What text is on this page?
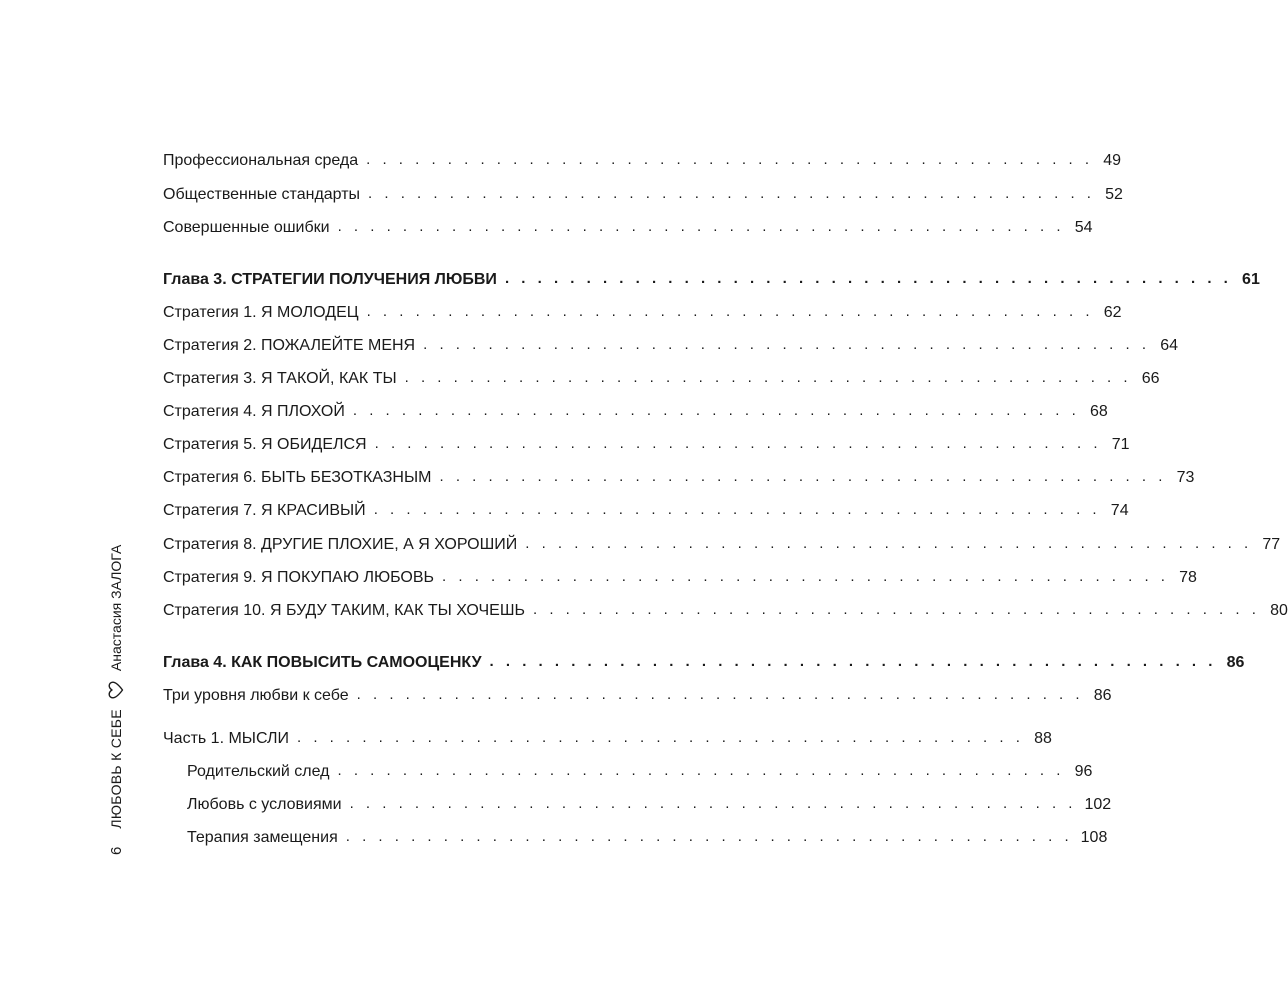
Профессиональная среда . . . . . . . . . . . . . . . . . . . . . . . . . . . . . . . . . . . . . . . . . . . . . 49
Общественные стандарты . . . . . . . . . . . . . . . . . . . . . . . . . . . . . . . . . . . . . . . . . . . . . 52
Совершенные ошибки . . . . . . . . . . . . . . . . . . . . . . . . . . . . . . . . . . . . . . . . . . . . . 54
Глава 3. СТРАТЕГИИ ПОЛУЧЕНИЯ ЛЮБВИ . . . . . . . . . . . . . . . . . . . . . . . . . . . . . . . . . . . . . . . . . . . . . 61
Стратегия 1. Я МОЛОДЕЦ . . . . . . . . . . . . . . . . . . . . . . . . . . . . . . . . . . . . . . . . . . . . . 62
Стратегия 2. ПОЖАЛЕЙТЕ МЕНЯ . . . . . . . . . . . . . . . . . . . . . . . . . . . . . . . . . . . . . . . . . . . . . 64
Стратегия 3. Я ТАКОЙ, КАК ТЫ . . . . . . . . . . . . . . . . . . . . . . . . . . . . . . . . . . . . . . . . . . . . . 66
Стратегия 4. Я ПЛОХОЙ . . . . . . . . . . . . . . . . . . . . . . . . . . . . . . . . . . . . . . . . . . . . . 68
Стратегия 5. Я ОБИДЕЛСЯ . . . . . . . . . . . . . . . . . . . . . . . . . . . . . . . . . . . . . . . . . . . . . 71
Стратегия 6. БЫТЬ БЕЗОТКАЗНЫМ . . . . . . . . . . . . . . . . . . . . . . . . . . . . . . . . . . . . . . . . . . . . . 73
Стратегия 7. Я КРАСИВЫЙ . . . . . . . . . . . . . . . . . . . . . . . . . . . . . . . . . . . . . . . . . . . . . 74
Стратегия 8. ДРУГИЕ ПЛОХИЕ, А Я ХОРОШИЙ . . . . . . . . . . . . . . . . . . . . . . . . . . . . . . . . . . . . . . . . . . . . . 77
Стратегия 9. Я ПОКУПАЮ ЛЮБОВЬ . . . . . . . . . . . . . . . . . . . . . . . . . . . . . . . . . . . . . . . . . . . . . 78
Стратегия 10. Я БУДУ ТАКИМ, КАК ТЫ ХОЧЕШЬ . . . . . . . . . . . . . . . . . . . . . . . . . . . . . . . . . . . . . . . . . . . . . 80
Глава 4. КАК ПОВЫСИТЬ САМООЦЕНКУ . . . . . . . . . . . . . . . . . . . . . . . . . . . . . . . . . . . . . . . . . . . . . 86
Три уровня любви к себе . . . . . . . . . . . . . . . . . . . . . . . . . . . . . . . . . . . . . . . . . . . . . 86
Часть 1. МЫСЛИ . . . . . . . . . . . . . . . . . . . . . . . . . . . . . . . . . . . . . . . . . . . . . 88
Родительский след . . . . . . . . . . . . . . . . . . . . . . . . . . . . . . . . . . . . . . . . . . . . . 96
Любовь с условиями . . . . . . . . . . . . . . . . . . . . . . . . . . . . . . . . . . . . . . . . . . . . . 102
Терапия замещения . . . . . . . . . . . . . . . . . . . . . . . . . . . . . . . . . . . . . . . . . . . . . 108
6
ЛЮБОВЬ К СЕБЕ
Анастасия ЗАЛОГА
